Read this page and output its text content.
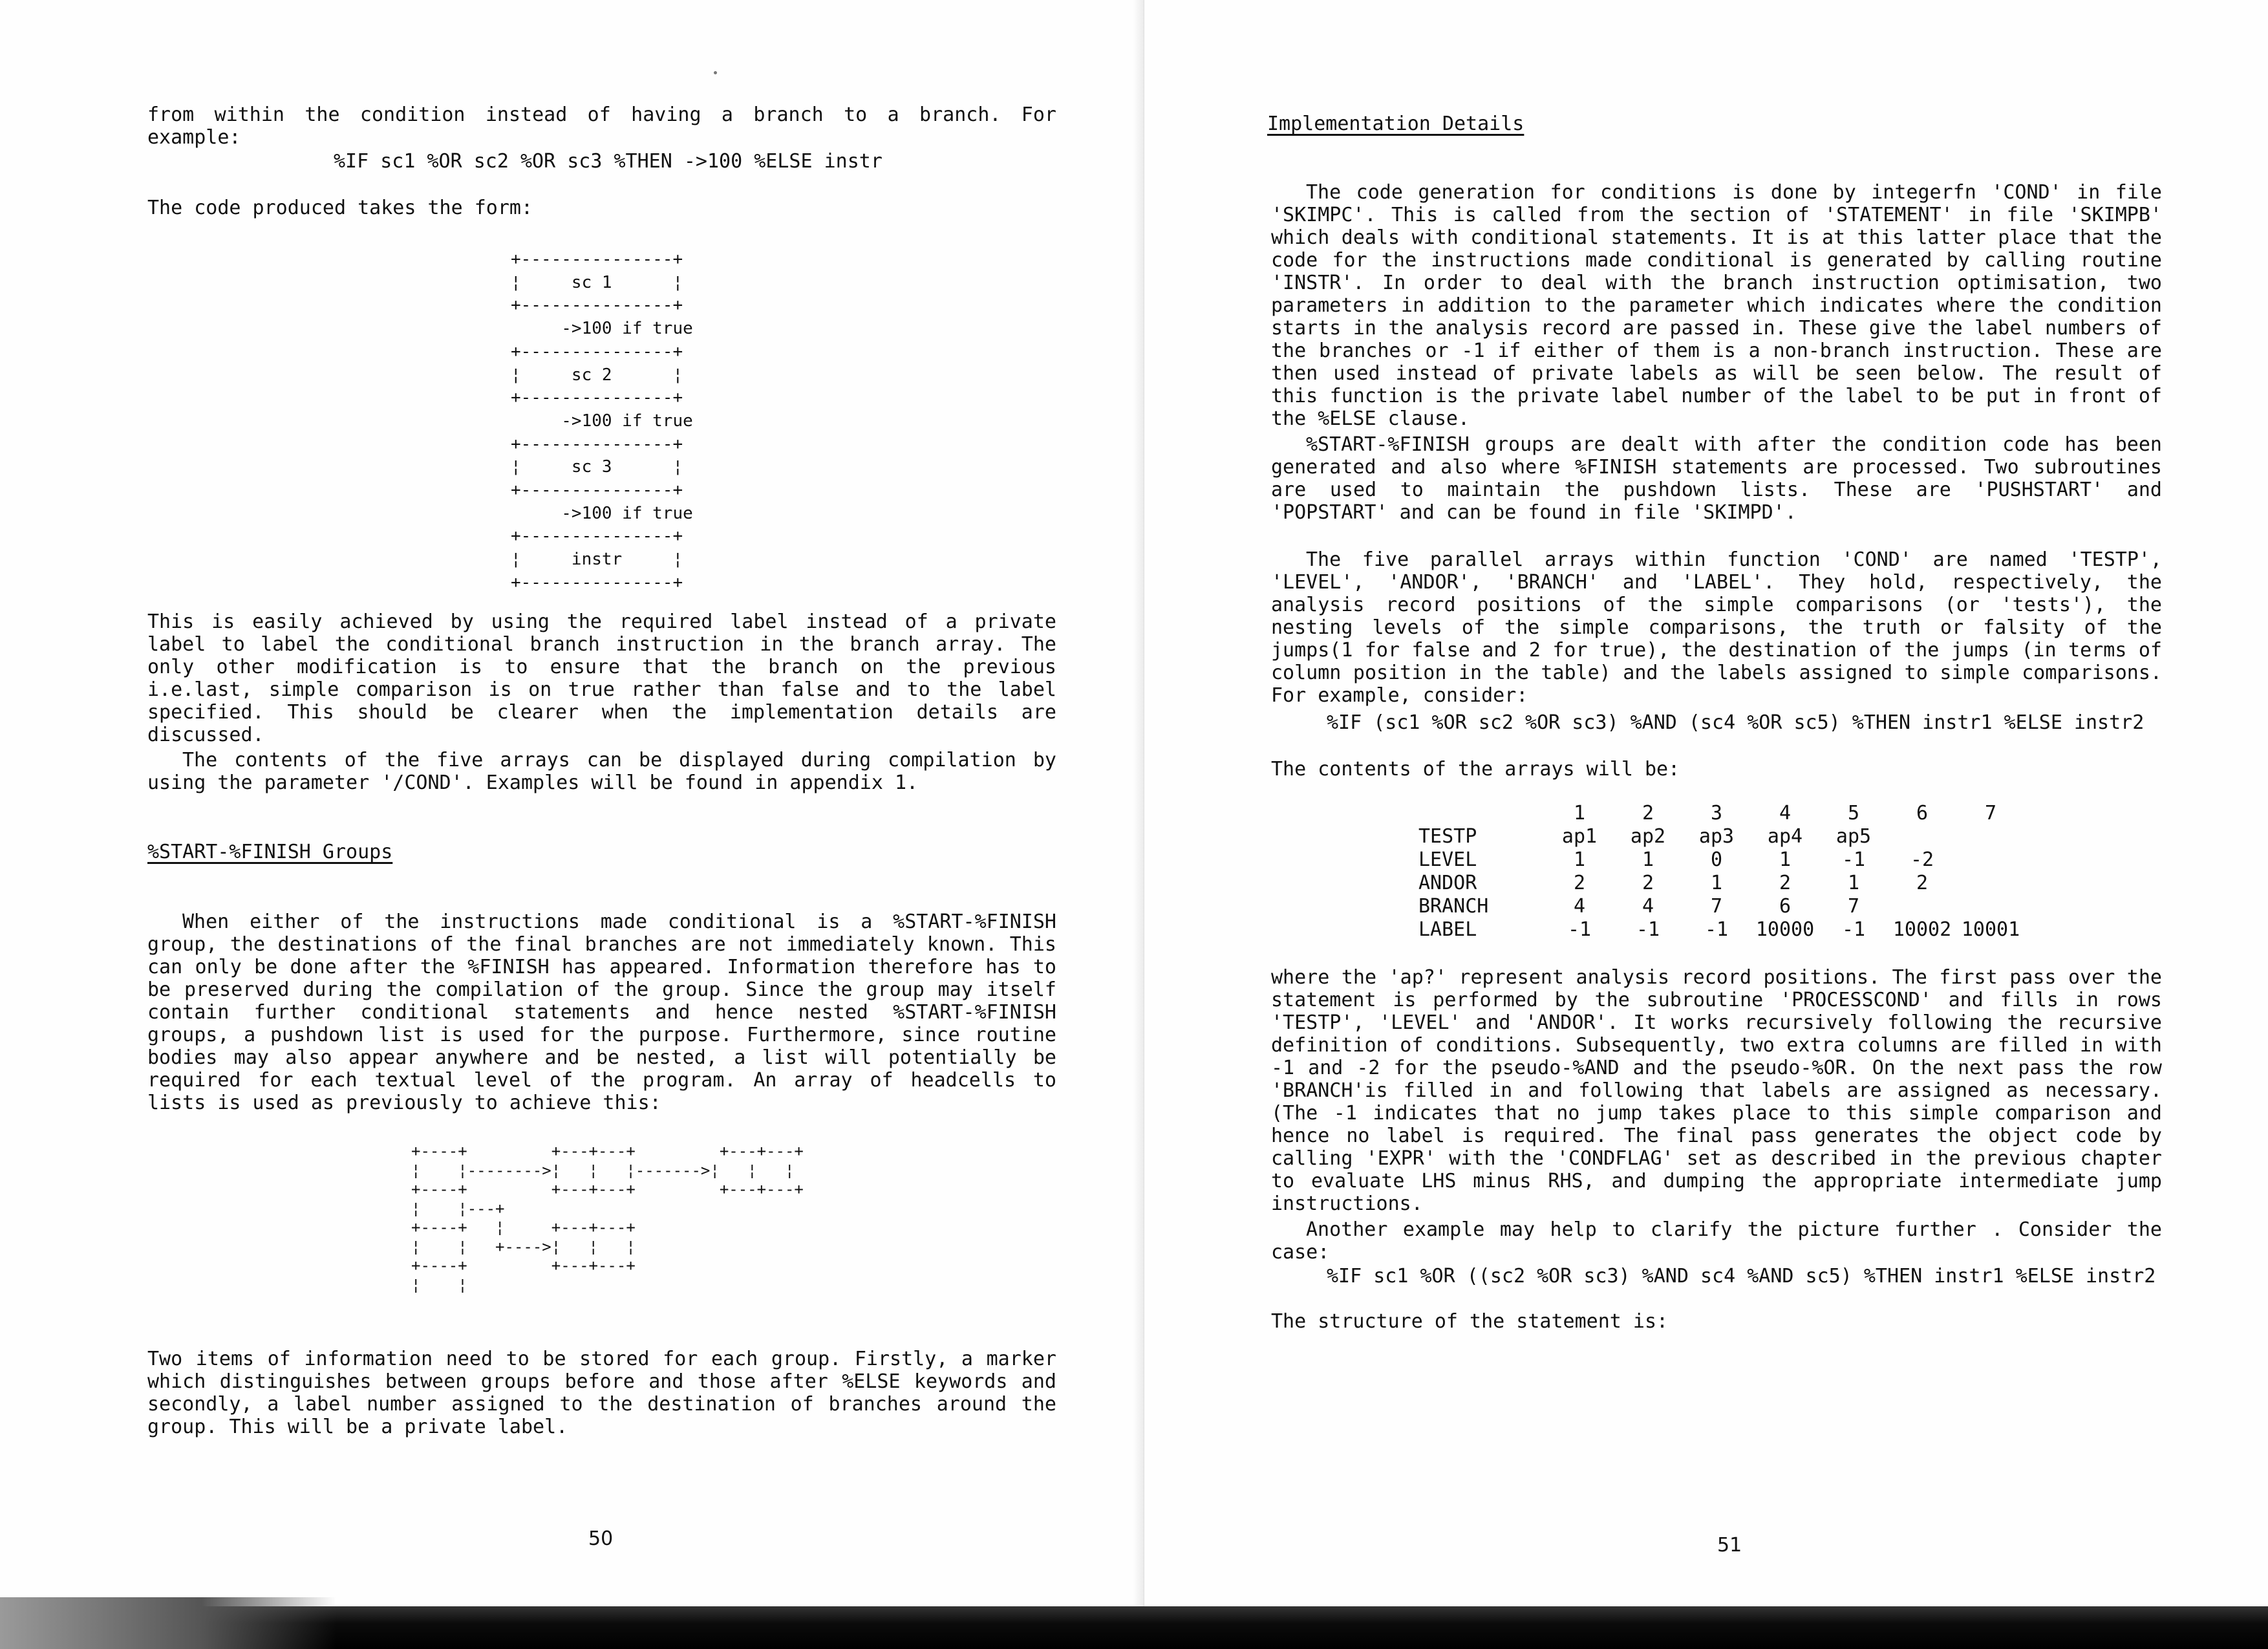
from within the condition instead of having a branch to a branch. For example:

%IF sc1 %OR sc2 %OR sc3 %THEN ->100 %ELSE instr

The code produced takes the form:

+---------------+
¦     sc 1      ¦
+---------------+
->100 if true
+---------------+
¦     sc 2      ¦
+---------------+
->100 if true
+---------------+
¦     sc 3      ¦
+---------------+
->100 if true
+---------------+
¦     instr     ¦
+---------------+

This is easily achieved by using the required label instead of a private label to label the conditional branch instruction in the branch array. The only other modification is to ensure that the branch on the previous i.e.last, simple comparison is on true rather than false and to the label specified. This should be clearer when the implementation details are discussed.

The contents of the five arrays can be displayed during compilation by using the parameter '/COND'. Examples will be found in appendix 1.

%START-%FINISH Groups

When either of the instructions made conditional is a %START-%FINISH group, the destinations of the final branches are not immediately known. This can only be done after the %FINISH has appeared. Information therefore has to be preserved during the compilation of the group. Since the group may itself contain further conditional statements and hence nested %START-%FINISH groups, a pushdown list is used for the purpose. Furthermore, since routine bodies may also appear anywhere and be nested, a list will potentially be required for each textual level of the program. An array of headcells to lists is used as previously to achieve this:

+----+         +---+---+         +---+---+
¦    ¦-------->¦   ¦   ¦------->¦   ¦   ¦
+----+         +---+---+         +---+---+
¦    ¦---+
+----+   ¦     +---+---+
¦    ¦   +---->¦   ¦   ¦
+----+         +---+---+
¦    ¦

Two items of information need to be stored for each group. Firstly, a marker which distinguishes between groups before and those after %ELSE keywords and secondly, a label number assigned to the destination of branches around the group. This will be a private label.

50

Implementation Details

The code generation for conditions is done by integerfn 'COND' in file 'SKIMPC'. This is called from the section of 'STATEMENT' in file 'SKIMPB' which deals with conditional statements. It is at this latter place that the code for the instructions made conditional is generated by calling routine 'INSTR'. In order to deal with the branch instruction optimisation, two parameters in addition to the parameter which indicates where the condition starts in the analysis record are passed in. These give the label numbers of the branches or -1 if either of them is a non-branch instruction. These are then used instead of private labels as will be seen below. The result of this function is the private label number of the label to be put in front of the %ELSE clause.

%START-%FINISH groups are dealt with after the condition code has been generated and also where %FINISH statements are processed. Two subroutines are used to maintain the pushdown lists. These are 'PUSHSTART' and 'POPSTART' and can be found in file 'SKIMPD'.

The five parallel arrays within function 'COND' are named 'TESTP', 'LEVEL', 'ANDOR', 'BRANCH' and 'LABEL'. They hold, respectively, the analysis record positions of the simple comparisons (or 'tests'), the nesting levels of the simple comparisons, the truth or falsity of the jumps(1 for false and 2 for true), the destination of the jumps (in terms of column position in the table) and the labels assigned to simple comparisons. For example, consider:

%IF (sc1 %OR sc2 %OR sc3) %AND (sc4 %OR sc5) %THEN instr1 %ELSE instr2

The contents of the arrays will be:

	1	2	3	4	5	6	7
TESTP	ap1	ap2	ap3	ap4	ap5		
LEVEL	1	1	0	1	-1	-2	
ANDOR	2	2	1	2	1	2	
BRANCH	4	4	7	6	7		
LABEL	-1	-1	-1	10000	-1	10002	10001

where the 'ap?' represent analysis record positions. The first pass over the statement is performed by the subroutine 'PROCESSCOND' and fills in rows 'TESTP', 'LEVEL' and 'ANDOR'. It works recursively following the recursive definition of conditions. Subsequently, two extra columns are filled in with -1 and -2 for the pseudo-%AND and the pseudo-%OR. On the next pass the row 'BRANCH'is filled in and following that labels are assigned as necessary. (The -1 indicates that no jump takes place to this simple comparison and hence no label is required. The final pass generates the object code by calling 'EXPR' with the 'CONDFLAG' set as described in the previous chapter to evaluate LHS minus RHS, and dumping the appropriate intermediate jump instructions.

Another example may help to clarify the picture further . Consider the case:

%IF sc1 %OR ((sc2 %OR sc3) %AND sc4 %AND sc5) %THEN instr1 %ELSE instr2

The structure of the statement is:

51
